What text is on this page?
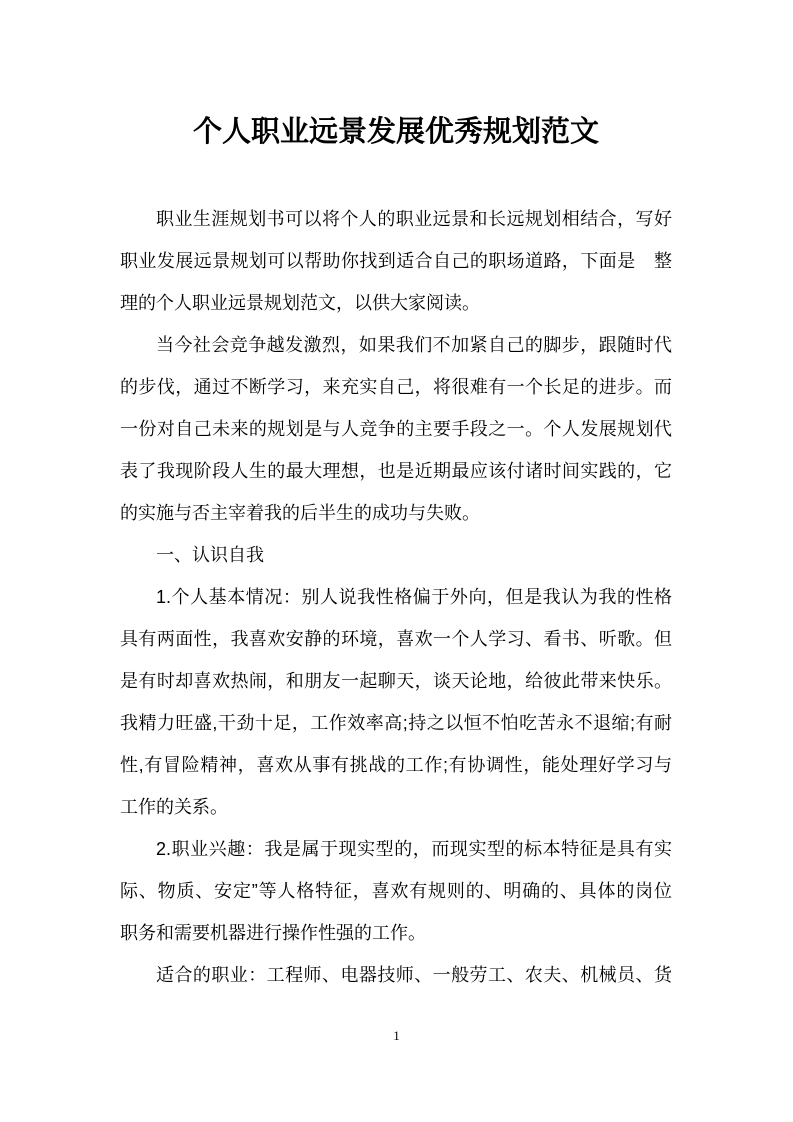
个人职业远景发展优秀规划范文
职业生涯规划书可以将个人的职业远景和长远规划相结合，写好
职业发展远景规划可以帮助你找到适合自己的职场道路，下面是　整
理的个人职业远景规划范文，以供大家阅读。
当今社会竞争越发激烈，如果我们不加紧自己的脚步，跟随时代
的步伐，通过不断学习，来充实自己，将很难有一个长足的进步。而
一份对自己未来的规划是与人竞争的主要手段之一。个人发展规划代
表了我现阶段人生的最大理想，也是近期最应该付诸时间实践的，它
的实施与否主宰着我的后半生的成功与失败。
一、认识自我
1.个人基本情况：别人说我性格偏于外向，但是我认为我的性格
具有两面性，我喜欢安静的环境，喜欢一个人学习、看书、听歌。但
是有时却喜欢热闹，和朋友一起聊天，谈天论地，给彼此带来快乐。
我精力旺盛,干劲十足，工作效率高;持之以恒不怕吃苦永不退缩;有耐
性,有冒险精神，喜欢从事有挑战的工作;有协调性，能处理好学习与
工作的关系。
2.职业兴趣：我是属于现实型的，而现实型的标本特征是具有实
际、物质、安定”等人格特征，喜欢有规则的、明确的、具体的岗位
职务和需要机器进行操作性强的工作。
适合的职业：工程师、电器技师、一般劳工、农夫、机械员、货
1
